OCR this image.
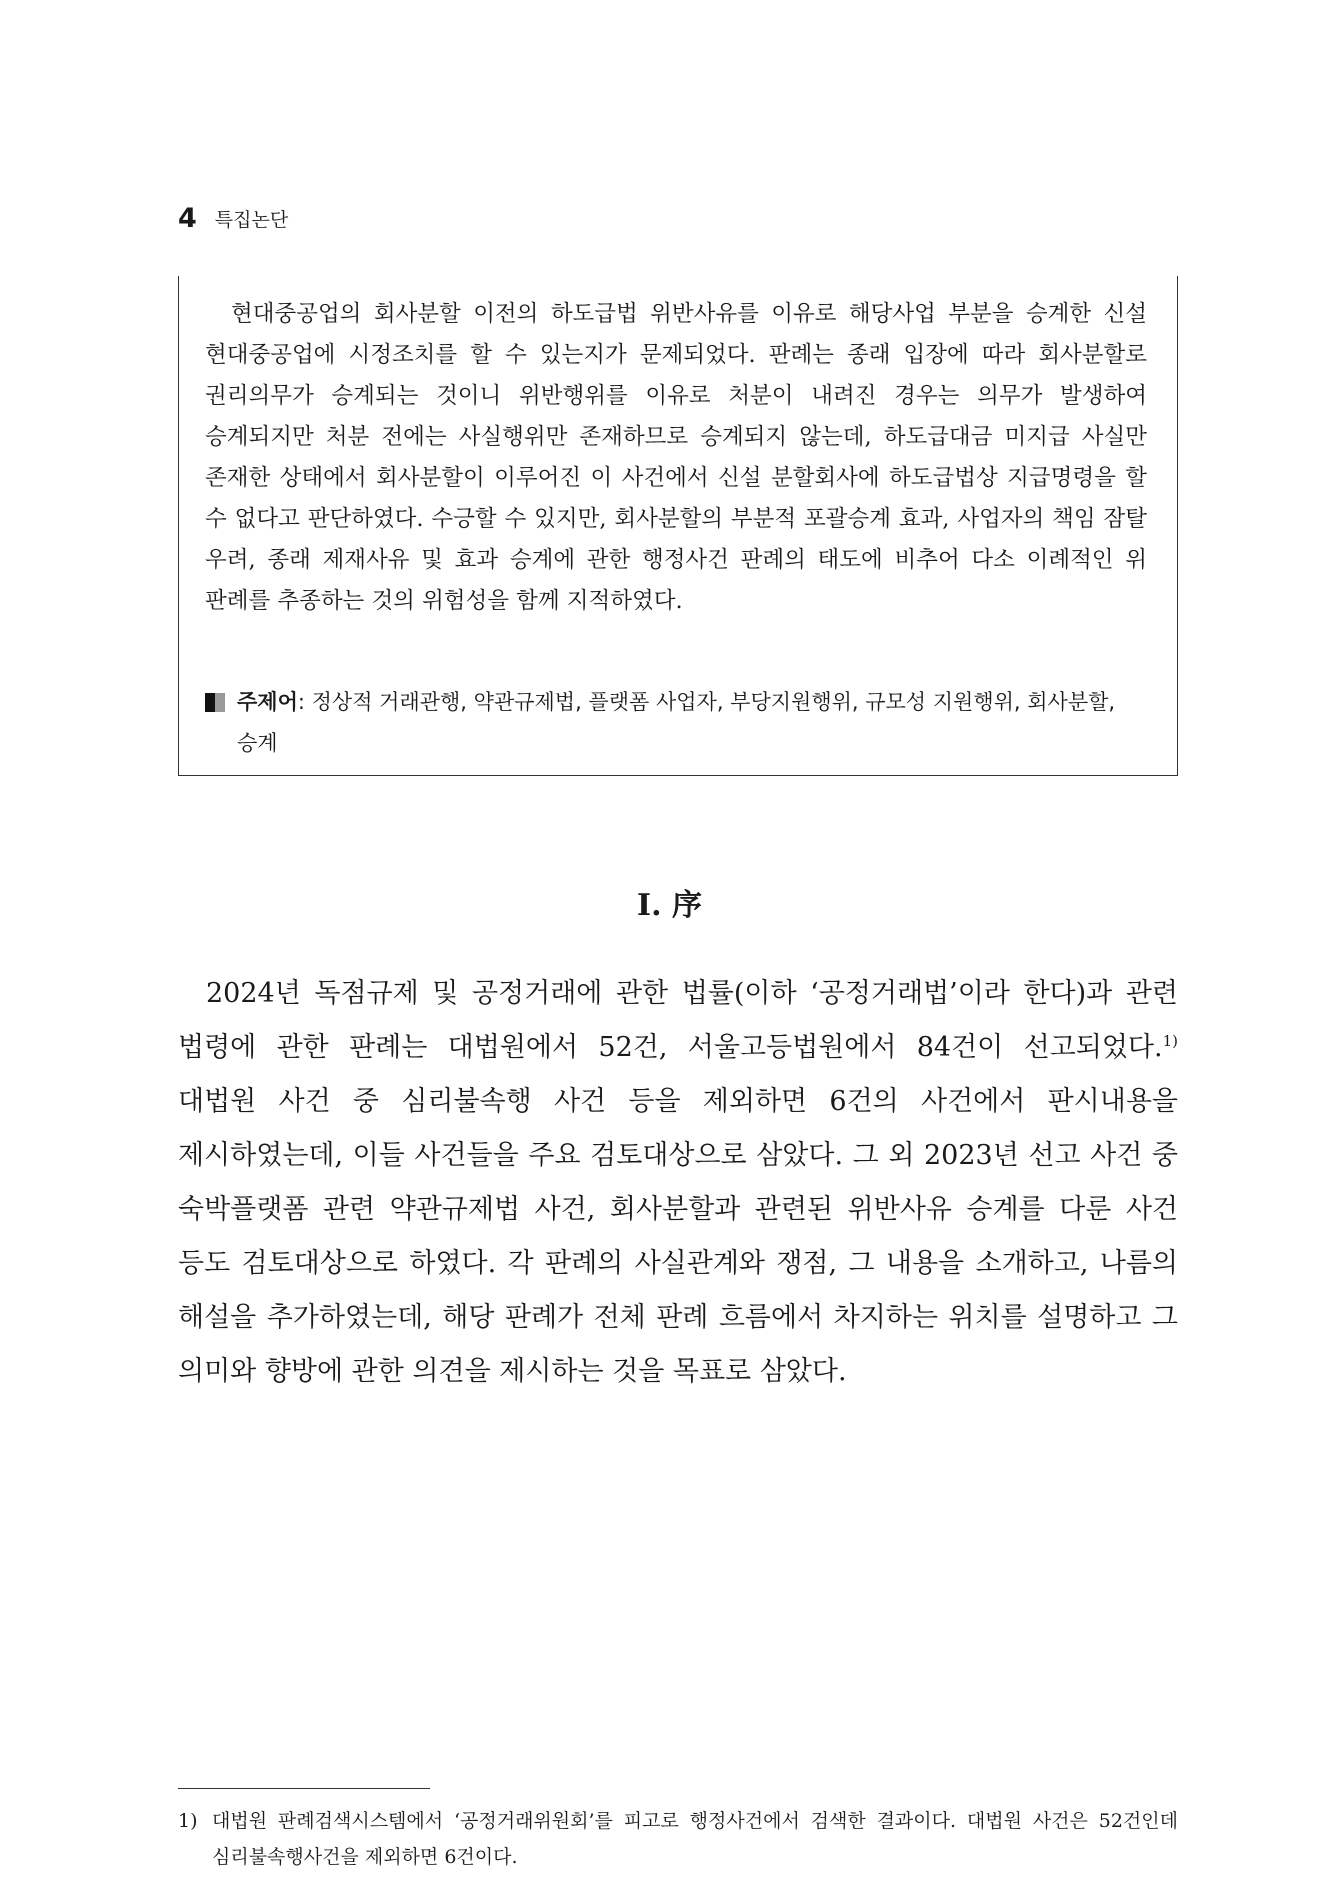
4 특집논단

현대중공업의 회사분할 이전의 하도급법 위반사유를 이유로 해당사업 부분을 승계한 신설 현대중공업에 시정조치를 할 수 있는지가 문제되었다. 판례는 종래 입장에 따라 회사분할로 권리의무가 승계되는 것이니 위반행위를 이유로 처분이 내려진 경우는 의무가 발생하여 승계되지만 처분 전에는 사실행위만 존재하므로 승계되지 않는데, 하도급대금 미지급 사실만 존재한 상태에서 회사분할이 이루어진 이 사건에서 신설 분할회사에 하도급법상 지급명령을 할 수 없다고 판단하였다. 수긍할 수 있지만, 회사분할의 부분적 포괄승계 효과, 사업자의 책임 잠탈 우려, 종래 제재사유 및 효과 승계에 관한 행정사건 판례의 태도에 비추어 다소 이례적인 위 판례를 추종하는 것의 위험성을 함께 지적하였다.

주제어: 정상적 거래관행, 약관규제법, 플랫폼 사업자, 부당지원행위, 규모성 지원행위, 회사분할, 승계
Ⅰ. 序

2024년 독점규제 및 공정거래에 관한 법률(이하 ‘공정거래법’이라 한다)과 관련 법령에 관한 판례는 대법원에서 52건, 서울고등법원에서 84건이 선고되었다.$^{1)}$ 대법원 사건 중 심리불속행 사건 등을 제외하면 6건의 사건에서 판시내용을 제시하였는데, 이들 사건들을 주요 검토대상으로 삼았다. 그 외 2023년 선고 사건 중 숙박플랫폼 관련 약관규제법 사건, 회사분할과 관련된 위반사유 승계를 다룬 사건 등도 검토대상으로 하였다. 각 판례의 사실관계와 쟁점, 그 내용을 소개하고, 나름의 해설을 추가하였는데, 해당 판례가 전체 판례 흐름에서 차지하는 위치를 설명하고 그 의미와 향방에 관한 의견을 제시하는 것을 목표로 삼았다.

1) 대법원 판례검색시스템에서 ‘공정거래위원회’를 피고로 행정사건에서 검색한 결과이다. 대법원 사건은 52건인데 심리불속행사건을 제외하면 6건이다.
